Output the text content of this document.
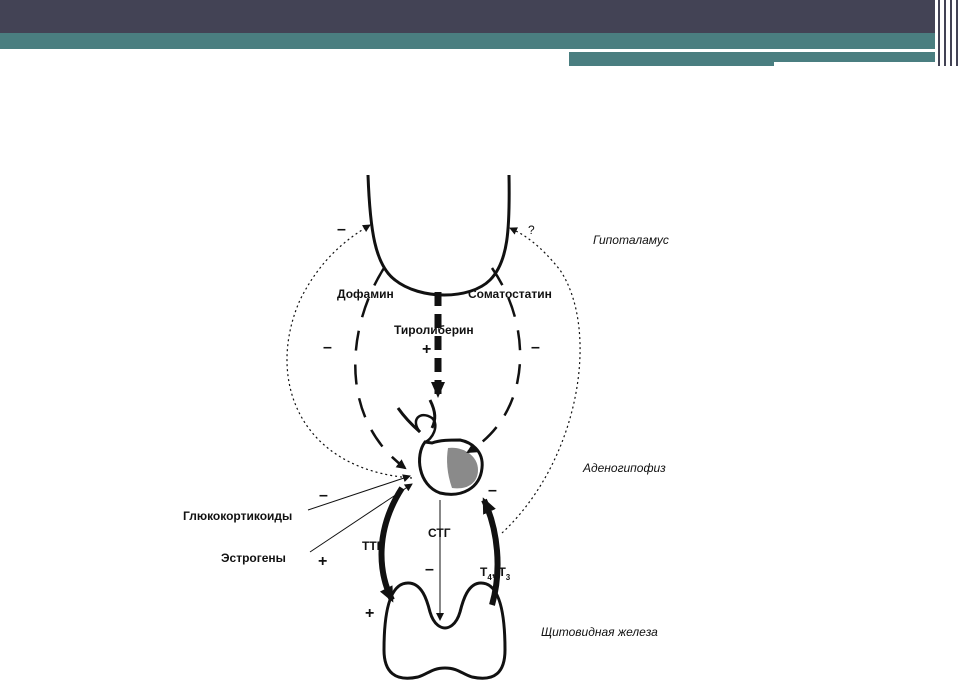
Дофамин	Соматостатин
Тиролиберин
ТТГ
СТГ
Глюкокортикоиды
Эстрогены
$Т_4$, $Т_3$
Гипоталамус
Аденогипофиз
Щитовидная железа
–	?
–	–
+
–
+
–
+
–
